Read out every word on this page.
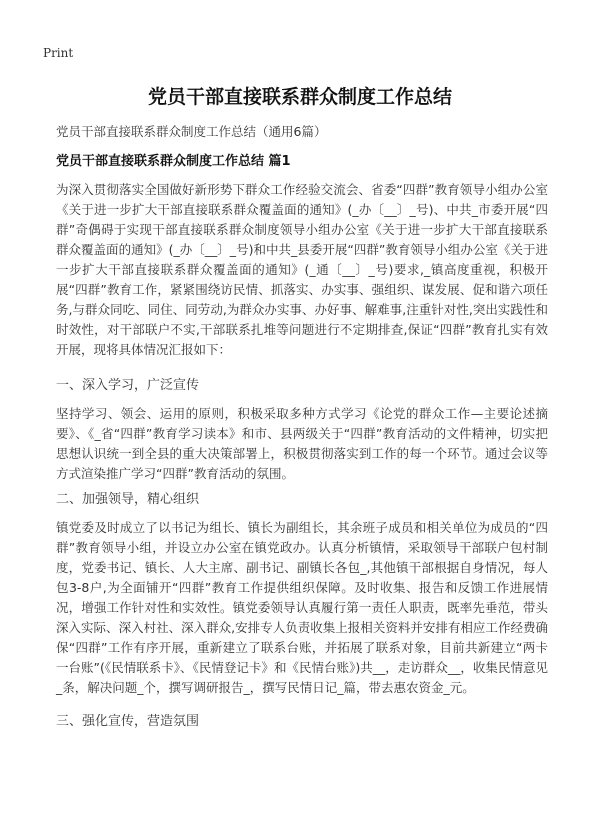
Print
党员干部直接联系群众制度工作总结
党员干部直接联系群众制度工作总结（通用6篇）
党员干部直接联系群众制度工作总结 篇1

为深入贯彻落实全国做好新形势下群众工作经验交流会、省委“四群”教育领导小组办公室《关于进一步扩大干部直接联系群众覆盖面的通知》(_办〔__〕_号)、中共_市委开展“四群”奇偶碍于实现干部直接联系群众制度领导小组办公室《关于进一步扩大干部直接联系群众覆盖面的通知》(_办〔__〕_号)和中共_县委开展“四群”教育领导小组办公室《关于进一步扩大干部直接联系群众覆盖面的通知》(_通〔__〕_号)要求,_镇高度重视，积极开展“四群”教育工作，紧紧围绕访民情、抓落实、办实事、强组织、谋发展、促和谐六项任务,与群众同吃、同住、同劳动,为群众办实事、办好事、解难事,注重针对性,突出实践性和时效性，对干部联户不实,干部联系扎堆等问题进行不定期排查,保证“四群”教育扎实有效开展，现将具体情况汇报如下：

一、深入学习，广泛宣传

坚持学习、领会、运用的原则，积极采取多种方式学习《论党的群众工作—主要论述摘要》、《_省“四群”教育学习读本》和市、县两级关于“四群”教育活动的文件精神，切实把思想认识统一到全县的重大决策部署上，积极贯彻落实到工作的每一个环节。通过会议等方式渲染推广学习“四群”教育活动的氛围。

二、加强领导，精心组织

镇党委及时成立了以书记为组长、镇长为副组长，其余班子成员和相关单位为成员的“四群”教育领导小组，并设立办公室在镇党政办。认真分析镇情，采取领导干部联户包村制度，党委书记、镇长、人大主席、副书记、副镇长各包_,其他镇干部根据自身情况，每人包3-8户,为全面铺开“四群”教育工作提供组织保障。及时收集、报告和反馈工作进展情况，增强工作针对性和实效性。镇党委领导认真履行第一责任人职责，既率先垂范，带头深入实际、深入村社、深入群众,安排专人负责收集上报相关资料并安排有相应工作经费确保“四群”工作有序开展，重新建立了联系台账，并拓展了联系对象，目前共新建立“两卡一台账”(《民情联系卡》、《民情登记卡》和《民情台账》)共__，走访群众__，收集民情意见_条，解决问题_个，撰写调研报告_，撰写民情日记_篇，带去惠农资金_元。

三、强化宣传，营造氛围
